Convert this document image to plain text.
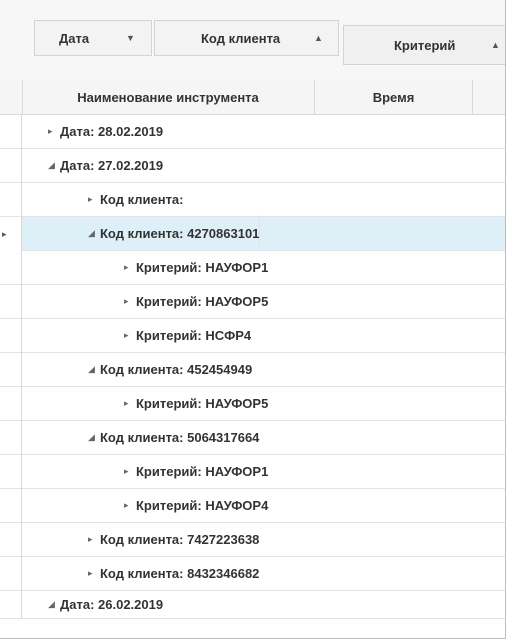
Дата	▼	Код клиента	▲	Критерий	▲
Наименование инструмента	Время
▸ Дата: 28.02.2019
◢ Дата: 27.02.2019
▸ Код клиента:
▸	◢ Код клиента: 4270863101
▸ Критерий: НАУФОР1
▸ Критерий: НАУФОР5
▸ Критерий: НСФР4
◢ Код клиента: 452454949
▸ Критерий: НАУФОР5
◢ Код клиента: 5064317664
▸ Критерий: НАУФОР1
▸ Критерий: НАУФОР4
▸ Код клиента: 7427223638
▸ Код клиента: 8432346682
◢ Дата: 26.02.2019
